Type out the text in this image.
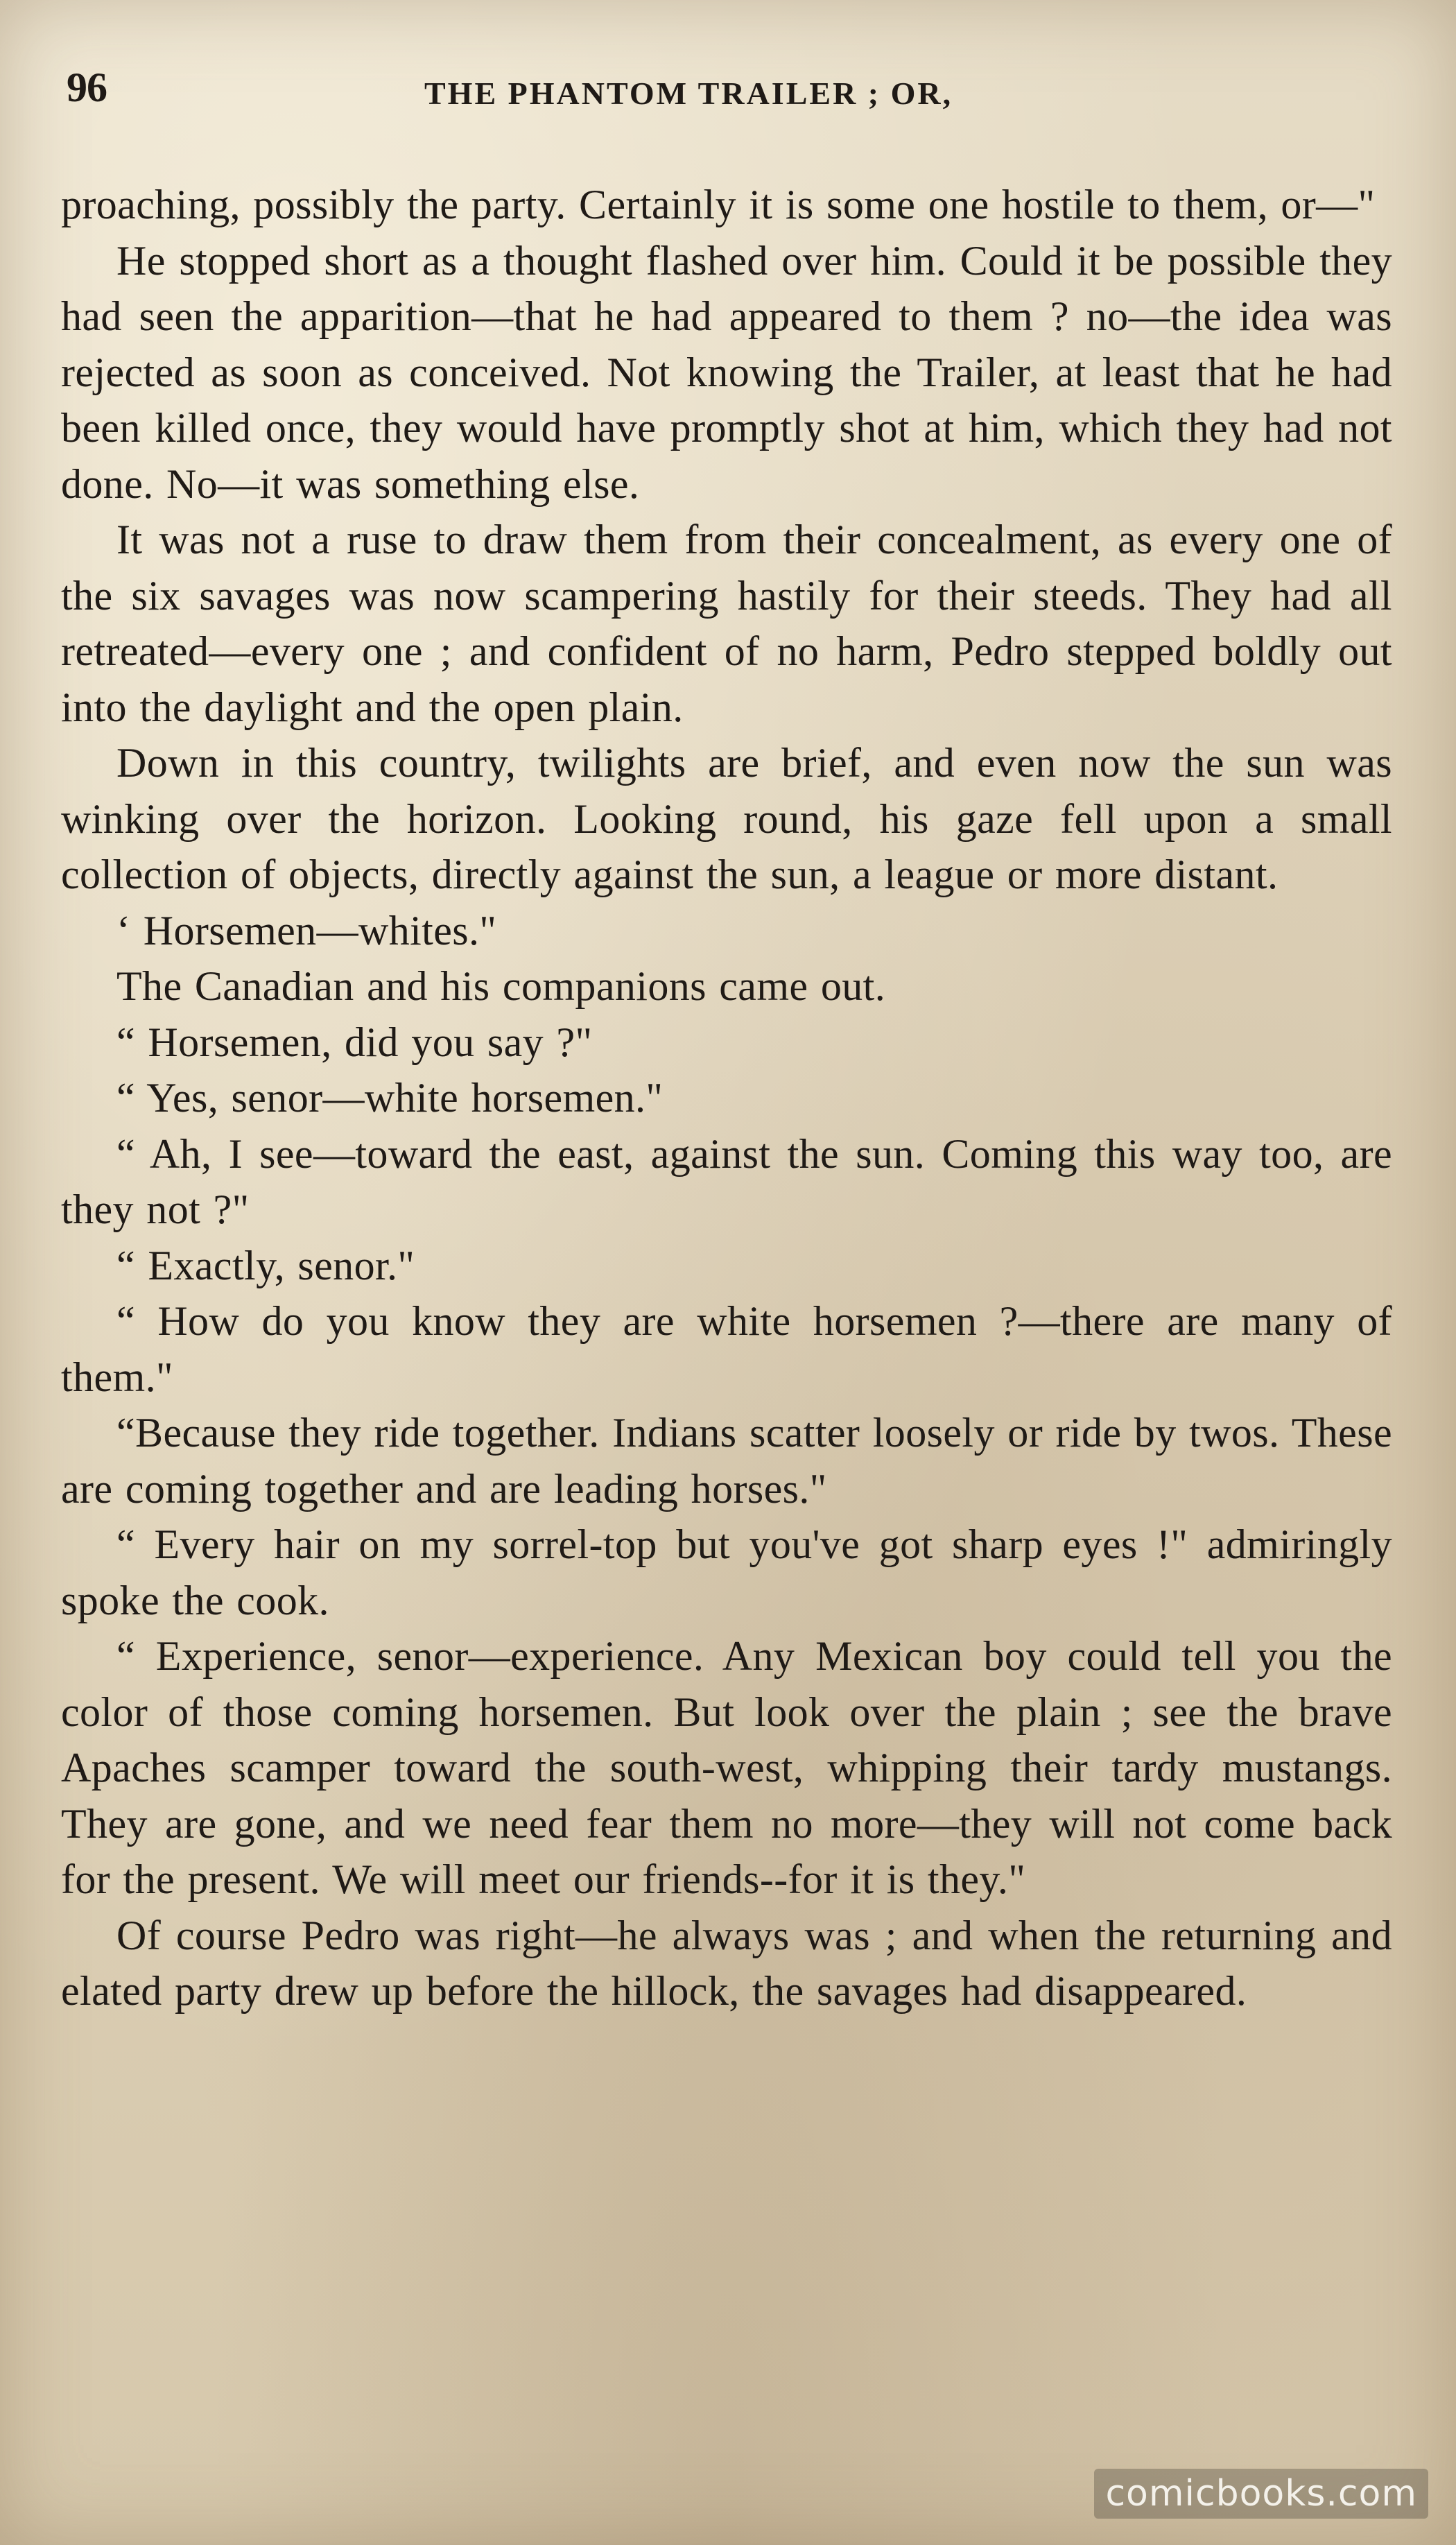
96	THE PHANTOM TRAILER ; OR,

proaching, possibly the party. Certainly it is some one hostile to them, or—"

He stopped short as a thought flashed over him. Could it be possible they had seen the apparition—that he had appeared to them ? no—the idea was rejected as soon as conceived. Not knowing the Trailer, at least that he had been killed once, they would have promptly shot at him, which they had not done. No—it was something else.

It was not a ruse to draw them from their concealment, as every one of the six savages was now scampering hastily for their steeds. They had all retreated—every one ; and confident of no harm, Pedro stepped boldly out into the daylight and the open plain.

Down in this country, twilights are brief, and even now the sun was winking over the horizon. Looking round, his gaze fell upon a small collection of objects, directly against the sun, a league or more distant.

‘ Horsemen—whites."

The Canadian and his companions came out.

“ Horsemen, did you say ?"

“ Yes, senor—white horsemen."

“ Ah, I see—toward the east, against the sun. Coming this way too, are they not ?"

“ Exactly, senor."

“ How do you know they are white horsemen ?—there are many of them."

“Because they ride together. Indians scatter loosely or ride by twos. These are coming together and are leading horses."

“ Every hair on my sorrel-top but you've got sharp eyes !" admiringly spoke the cook.

“ Experience, senor—experience. Any Mexican boy could tell you the color of those coming horsemen. But look over the plain ; see the brave Apaches scamper toward the south-west, whipping their tardy mustangs. They are gone, and we need fear them no more—they will not come back for the present. We will meet our friends--for it is they."

Of course Pedro was right—he always was ; and when the returning and elated party drew up before the hillock, the savages had disappeared.

comicbooks.com
